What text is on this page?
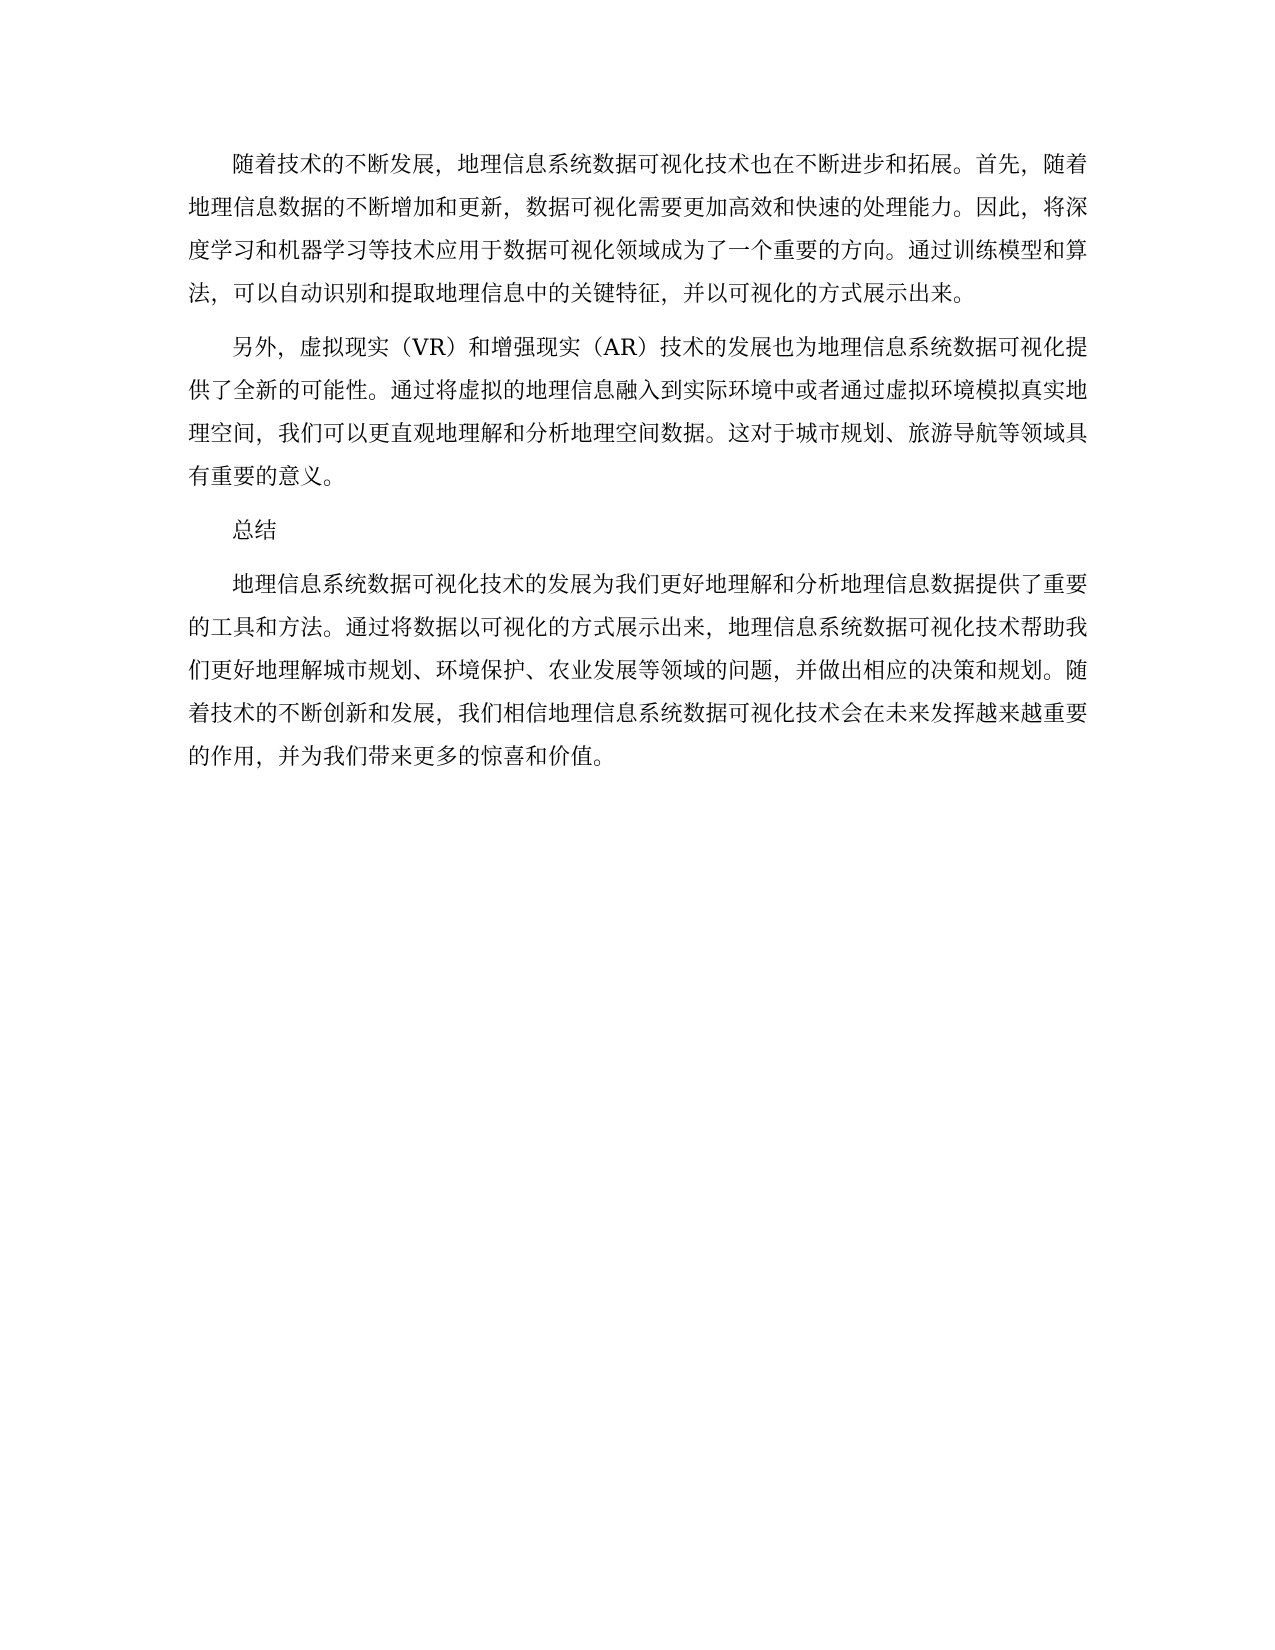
随着技术的不断发展，地理信息系统数据可视化技术也在不断进步和拓展。首先，随着地理信息数据的不断增加和更新，数据可视化需要更加高效和快速的处理能力。因此，将深度学习和机器学习等技术应用于数据可视化领域成为了一个重要的方向。通过训练模型和算法，可以自动识别和提取地理信息中的关键特征，并以可视化的方式展示出来。

另外，虚拟现实（VR）和增强现实（AR）技术的发展也为地理信息系统数据可视化提供了全新的可能性。通过将虚拟的地理信息融入到实际环境中或者通过虚拟环境模拟真实地理空间，我们可以更直观地理解和分析地理空间数据。这对于城市规划、旅游导航等领域具有重要的意义。

总结

地理信息系统数据可视化技术的发展为我们更好地理解和分析地理信息数据提供了重要的工具和方法。通过将数据以可视化的方式展示出来，地理信息系统数据可视化技术帮助我们更好地理解城市规划、环境保护、农业发展等领域的问题，并做出相应的决策和规划。随着技术的不断创新和发展，我们相信地理信息系统数据可视化技术会在未来发挥越来越重要的作用，并为我们带来更多的惊喜和价值。
